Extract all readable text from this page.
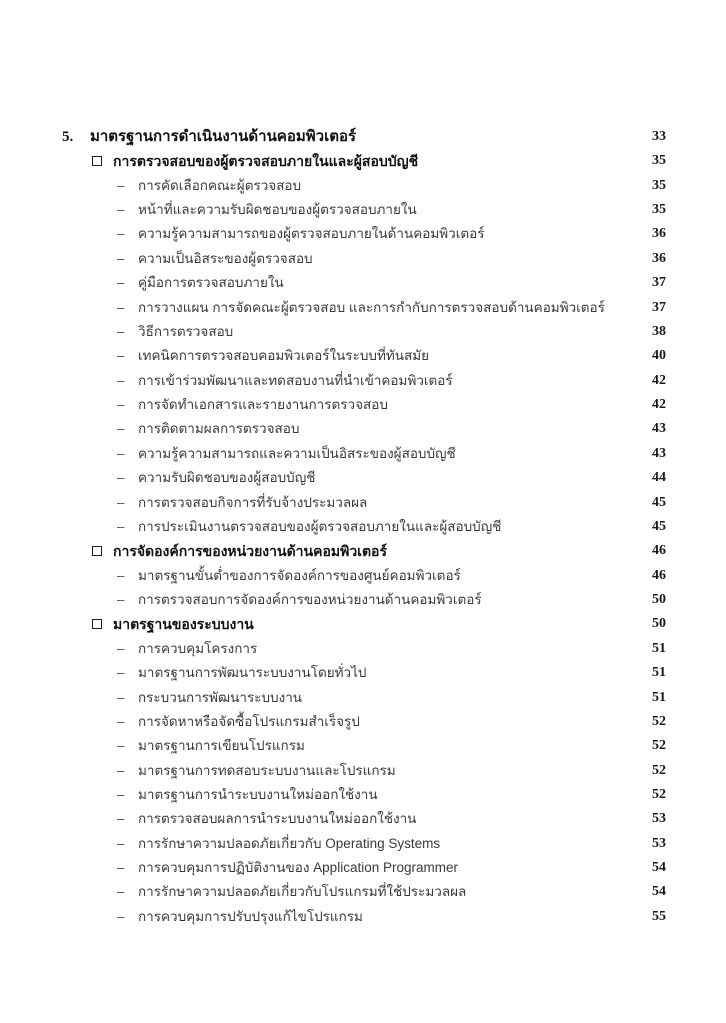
5. มาตรฐานการดำเนินงานด้านคอมพิวเตอร์	33
การตรวจสอบของผู้ตรวจสอบภายในและผู้สอบบัญชี	35
– การคัดเลือกคณะผู้ตรวจสอบ	35
– หน้าที่และความรับผิดชอบของผู้ตรวจสอบภายใน	35
– ความรู้ความสามารถของผู้ตรวจสอบภายในด้านคอมพิวเตอร์	36
– ความเป็นอิสระของผู้ตรวจสอบ	36
– คู่มือการตรวจสอบภายใน	37
– การวางแผน การจัดคณะผู้ตรวจสอบ และการกำกับการตรวจสอบด้านคอมพิวเตอร์	37
– วิธีการตรวจสอบ	38
– เทคนิคการตรวจสอบคอมพิวเตอร์ในระบบที่ทันสมัย	40
– การเข้าร่วมพัฒนาและทดสอบงานที่นำเข้าคอมพิวเตอร์	42
– การจัดทำเอกสารและรายงานการตรวจสอบ	42
– การติดตามผลการตรวจสอบ	43
– ความรู้ความสามารถและความเป็นอิสระของผู้สอบบัญชี	43
– ความรับผิดชอบของผู้สอบบัญชี	44
– การตรวจสอบกิจการที่รับจ้างประมวลผล	45
– การประเมินงานตรวจสอบของผู้ตรวจสอบภายในและผู้สอบบัญชี	45
การจัดองค์การของหน่วยงานด้านคอมพิวเตอร์	46
– มาตรฐานขั้นต่ำของการจัดองค์การของศูนย์คอมพิวเตอร์	46
– การตรวจสอบการจัดองค์การของหน่วยงานด้านคอมพิวเตอร์	50
มาตรฐานของระบบงาน	50
– การควบคุมโครงการ	51
– มาตรฐานการพัฒนาระบบงานโดยทั่วไป	51
– กระบวนการพัฒนาระบบงาน	51
– การจัดหาหรือจัดซื้อโปรแกรมสำเร็จรูป	52
– มาตรฐานการเขียนโปรแกรม	52
– มาตรฐานการทดสอบระบบงานและโปรแกรม	52
– มาตรฐานการนำระบบงานใหม่ออกใช้งาน	52
– การตรวจสอบผลการนำระบบงานใหม่ออกใช้งาน	53
– การรักษาความปลอดภัยเกี่ยวกับ Operating Systems	53
– การควบคุมการปฏิบัติงานของ Application Programmer	54
– การรักษาความปลอดภัยเกี่ยวกับโปรแกรมที่ใช้ประมวลผล	54
– การควบคุมการปรับปรุงแก้ไขโปรแกรม	55
